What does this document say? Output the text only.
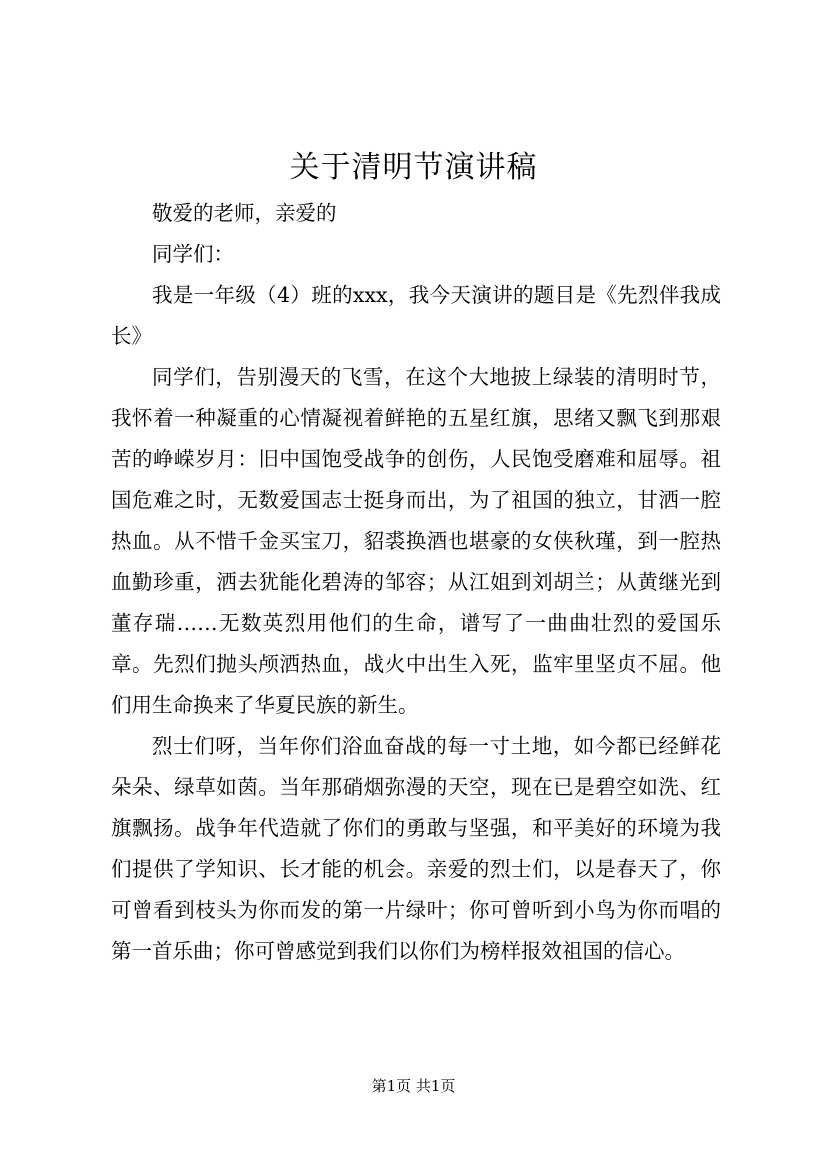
关于清明节演讲稿

敬爱的老师，亲爱的

同学们：

我是一年级（4）班的xxx，我今天演讲的题目是《先烈伴我成长》

同学们，告别漫天的飞雪，在这个大地披上绿装的清明时节，我怀着一种凝重的心情凝视着鲜艳的五星红旗，思绪又飘飞到那艰苦的峥嵘岁月：旧中国饱受战争的创伤，人民饱受磨难和屈辱。祖国危难之时，无数爱国志士挺身而出，为了祖国的独立，甘洒一腔热血。从不惜千金买宝刀，貂裘换酒也堪豪的女侠秋瑾，到一腔热血勤珍重，洒去犹能化碧涛的邹容；从江姐到刘胡兰；从黄继光到董存瑞……无数英烈用他们的生命，谱写了一曲曲壮烈的爱国乐章。先烈们抛头颅洒热血，战火中出生入死，监牢里坚贞不屈。他们用生命换来了华夏民族的新生。

烈士们呀，当年你们浴血奋战的每一寸土地，如今都已经鲜花朵朵、绿草如茵。当年那硝烟弥漫的天空，现在已是碧空如洗、红旗飘扬。战争年代造就了你们的勇敢与坚强，和平美好的环境为我们提供了学知识、长才能的机会。亲爱的烈士们，以是春天了，你可曾看到枝头为你而发的第一片绿叶；你可曾听到小鸟为你而唱的第一首乐曲；你可曾感觉到我们以你们为榜样报效祖国的信心。

第1页 共1页
